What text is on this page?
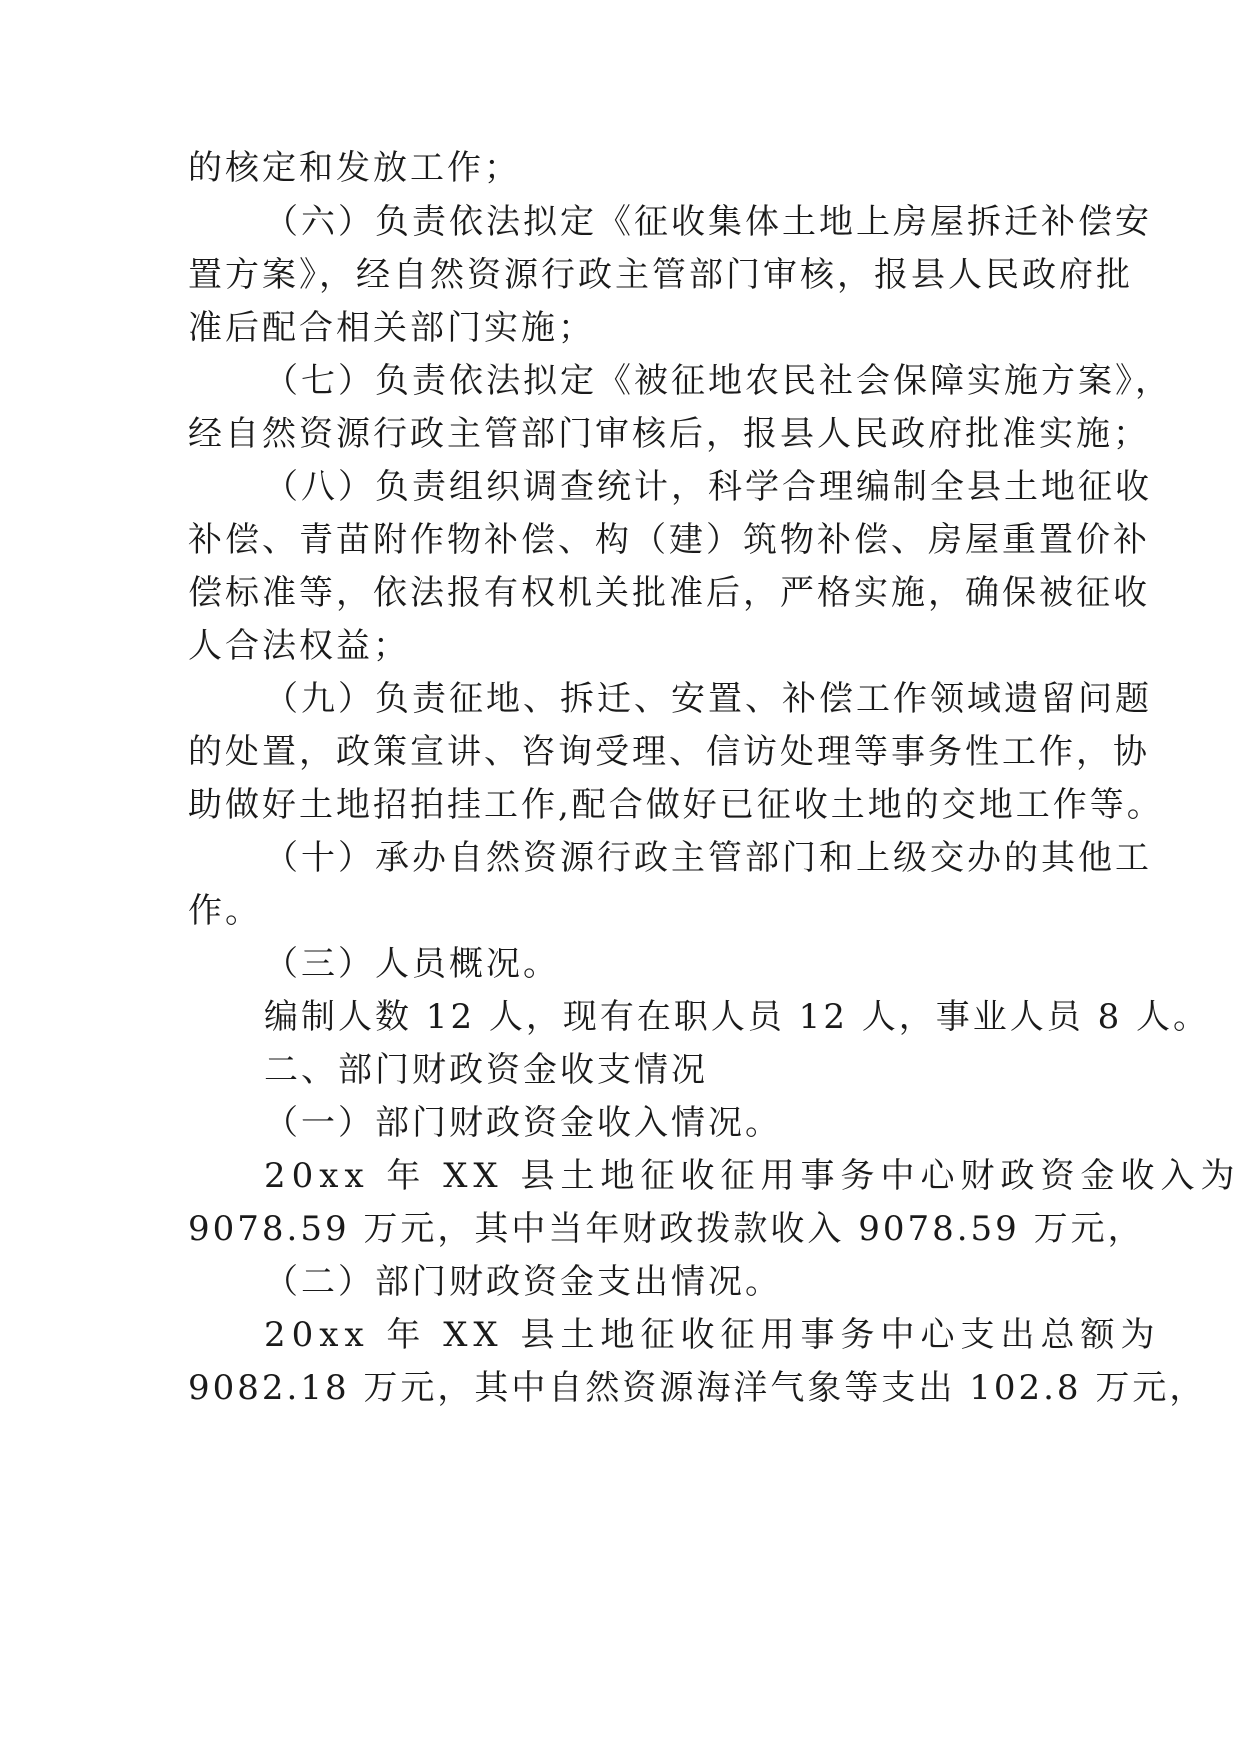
的核定和发放工作；
（六）负责依法拟定《征收集体土地上房屋拆迁补偿安
置方案》，经自然资源行政主管部门审核，报县人民政府批
准后配合相关部门实施；
（七）负责依法拟定《被征地农民社会保障实施方案》，
经自然资源行政主管部门审核后，报县人民政府批准实施；
（八）负责组织调查统计，科学合理编制全县土地征收
补偿、青苗附作物补偿、构（建）筑物补偿、房屋重置价补
偿标准等，依法报有权机关批准后，严格实施，确保被征收
人合法权益；
（九）负责征地、拆迁、安置、补偿工作领域遗留问题
的处置，政策宣讲、咨询受理、信访处理等事务性工作，协
助做好土地招拍挂工作,配合做好已征收土地的交地工作等。
（十）承办自然资源行政主管部门和上级交办的其他工
作。
（三）人员概况。
编制人数 12 人，现有在职人员 12 人，事业人员 8 人。
二、部门财政资金收支情况
（一）部门财政资金收入情况。
20xx 年 XX 县土地征收征用事务中心财政资金收入为
9078.59 万元，其中当年财政拨款收入 9078.59 万元，
（二）部门财政资金支出情况。
20xx 年 XX 县土地征收征用事务中心支出总额为
9082.18 万元，其中自然资源海洋气象等支出 102.8 万元，
